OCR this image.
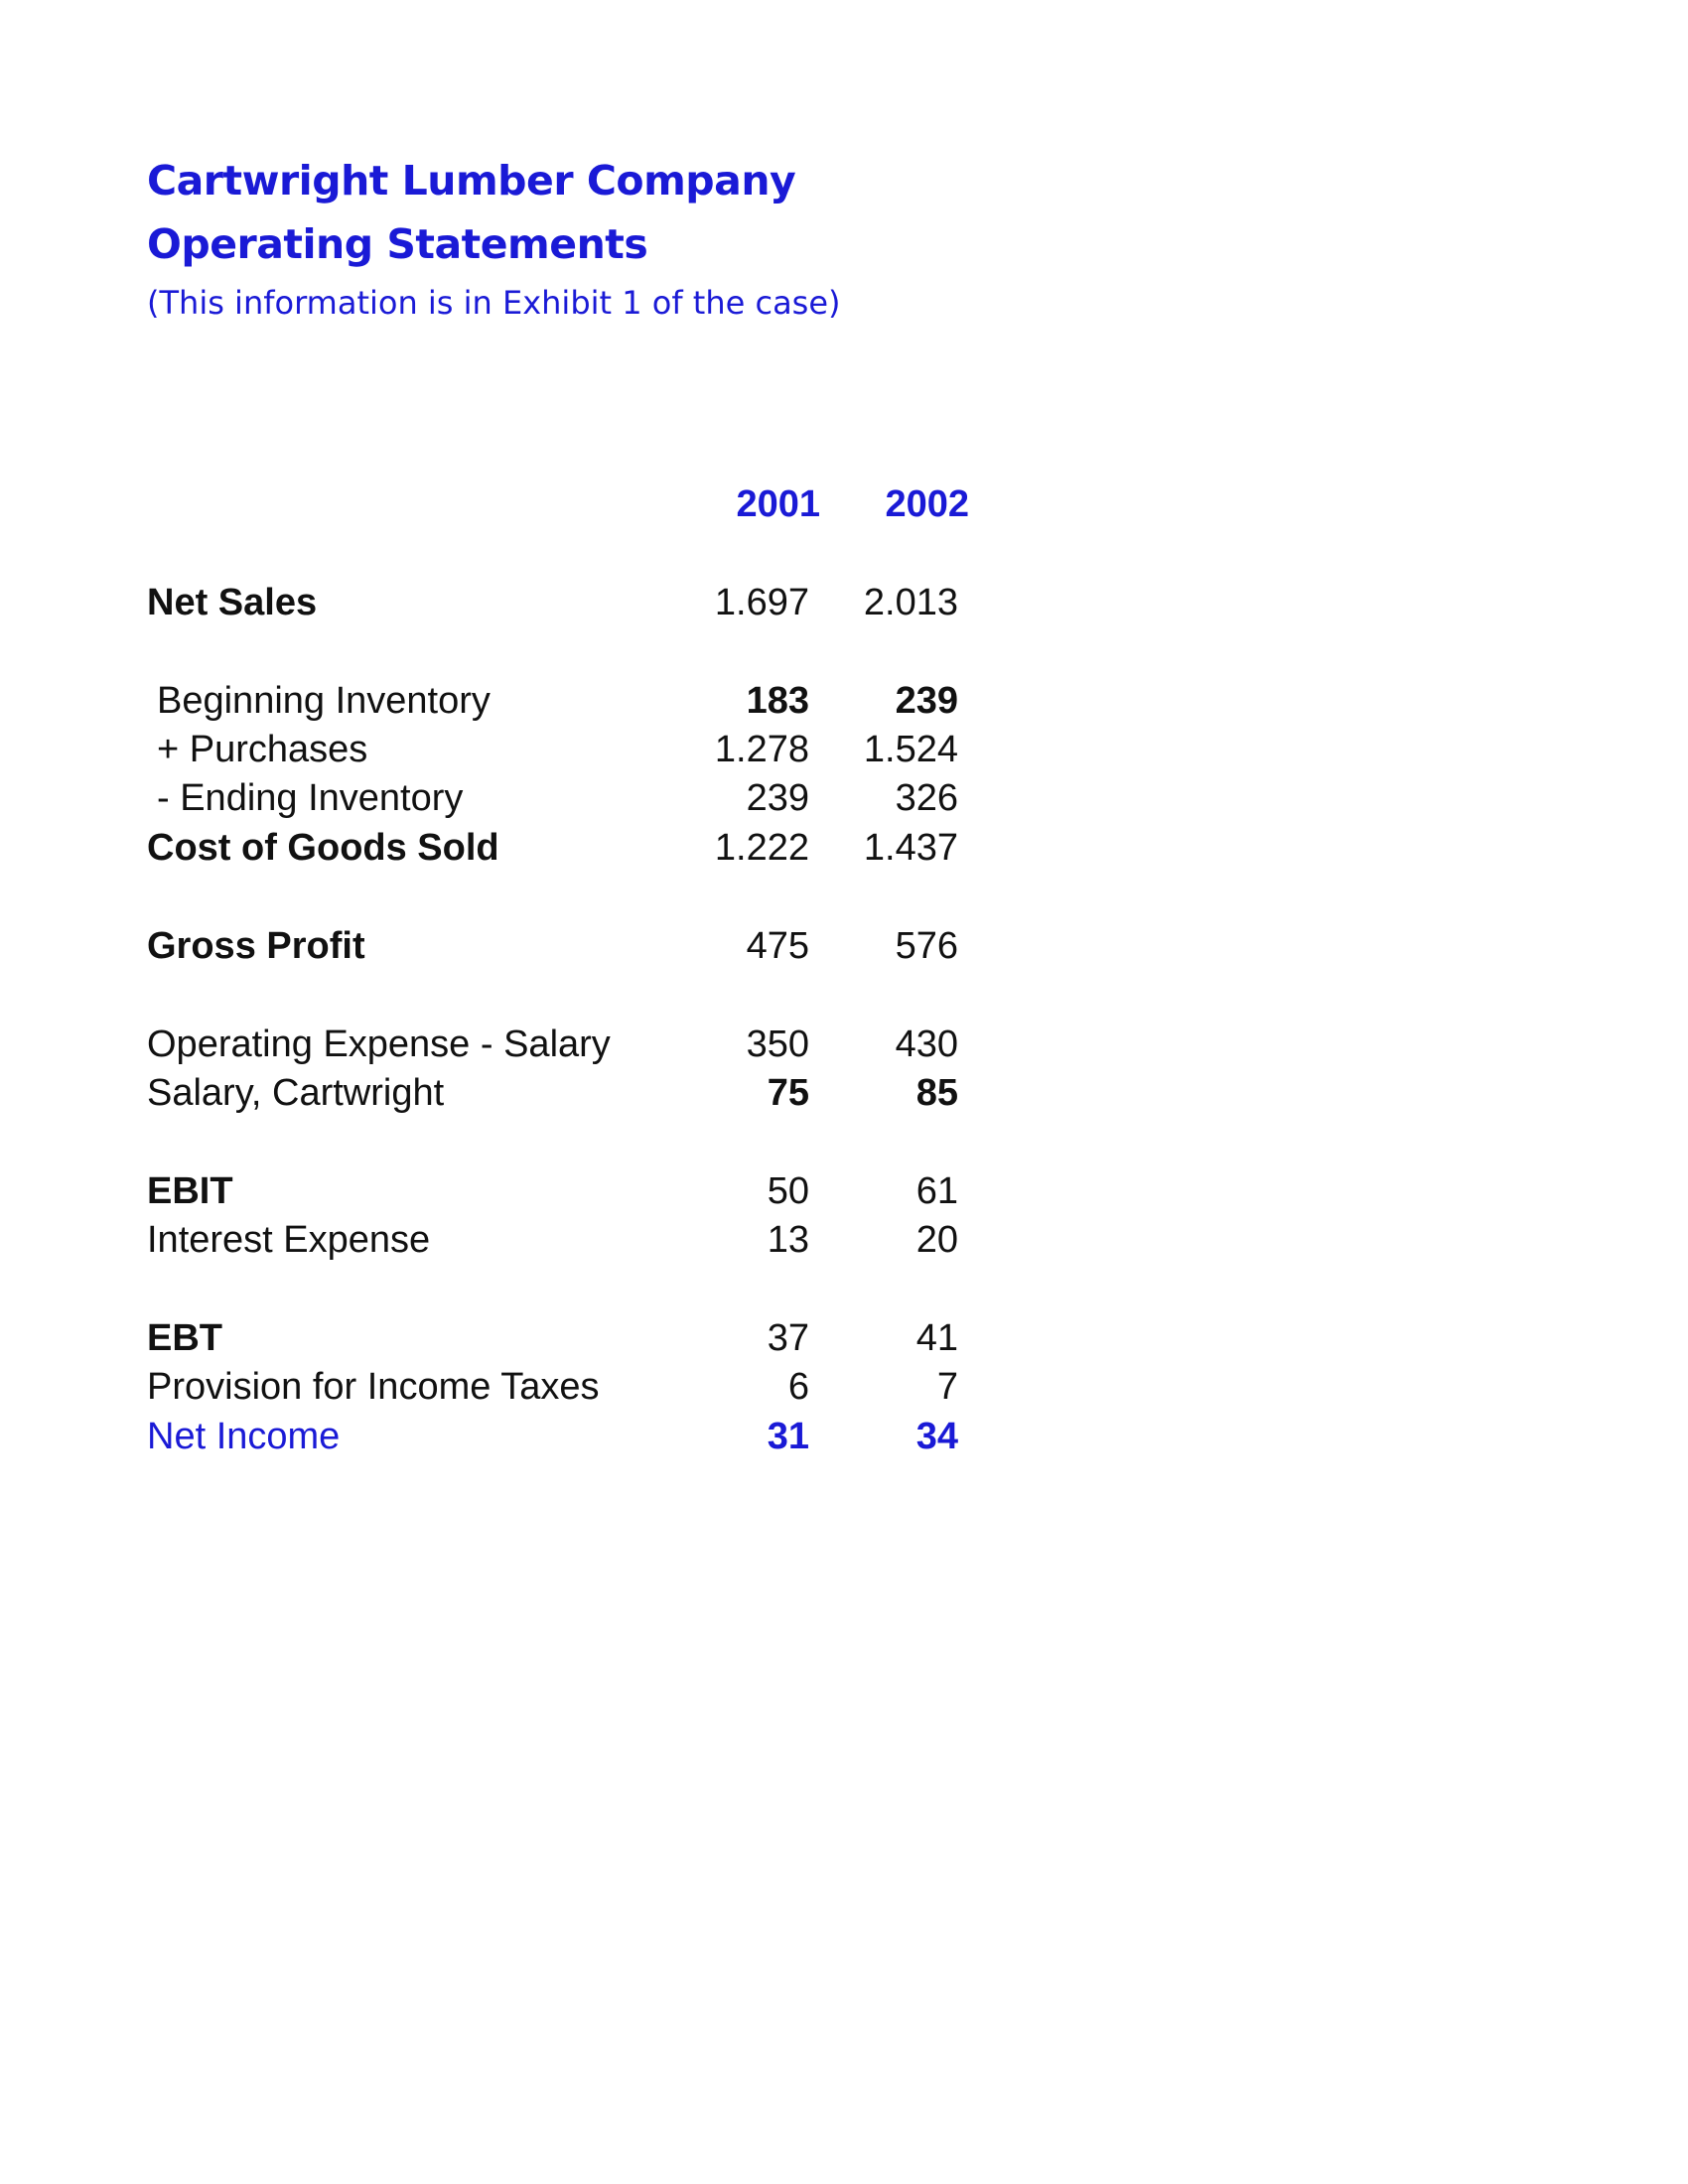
Cartwright Lumber Company
Operating Statements
(This information is in Exhibit 1 of the case)
2001	2002
Net Sales	1.697	2.013
Beginning Inventory	183	239
+ Purchases	1.278	1.524
- Ending Inventory	239	326
Cost of Goods Sold	1.222	1.437
Gross Profit	475	576
Operating Expense - Salary	350	430
Salary, Cartwright	75	85
EBIT	50	61
Interest Expense	13	20
EBT	37	41
Provision for Income Taxes	6	7
Net Income	31	34
